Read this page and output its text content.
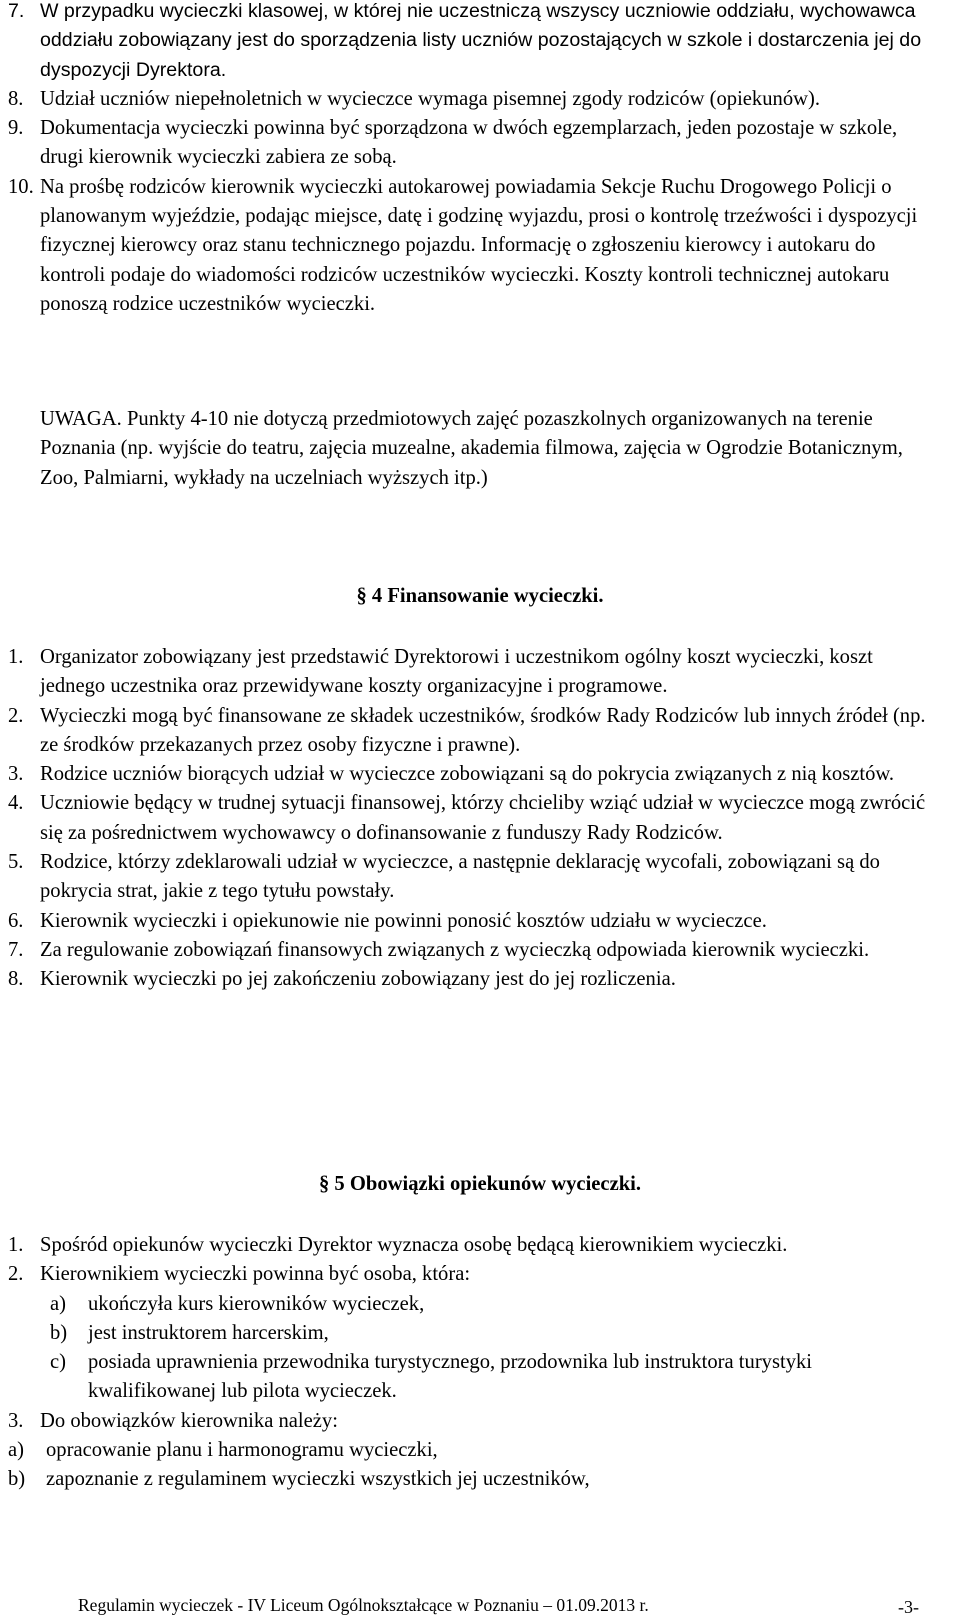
7. W przypadku wycieczki klasowej, w której nie uczestniczą wszyscy uczniowie oddziału, wychowawca oddziału zobowiązany jest do sporządzenia listy uczniów pozostających w szkole i dostarczenia jej do dyspozycji Dyrektora.
8. Udział uczniów niepełnoletnich w wycieczce wymaga pisemnej zgody rodziców (opiekunów).
9. Dokumentacja wycieczki powinna być sporządzona w dwóch egzemplarzach, jeden pozostaje w szkole, drugi kierownik wycieczki zabiera ze sobą.
10. Na prośbę rodziców kierownik wycieczki autokarowej powiadamia Sekcje Ruchu Drogowego Policji o planowanym wyjeździe, podając miejsce, datę i godzinę wyjazdu, prosi o kontrolę trzeźwości i dyspozycji fizycznej kierowcy oraz stanu technicznego pojazdu. Informację o zgłoszeniu kierowcy i autokaru do kontroli podaje do wiadomości rodziców uczestników wycieczki. Koszty kontroli technicznej autokaru ponoszą rodzice uczestników wycieczki.
UWAGA. Punkty 4-10 nie dotyczą przedmiotowych zajęć pozaszkolnych organizowanych na terenie Poznania (np. wyjście do teatru, zajęcia muzealne, akademia filmowa, zajęcia w Ogrodzie Botanicznym, Zoo, Palmiarni, wykłady na uczelniach wyższych itp.)
§ 4 Finansowanie wycieczki.
1. Organizator zobowiązany jest przedstawić Dyrektorowi i uczestnikom ogólny koszt wycieczki, koszt jednego uczestnika oraz przewidywane koszty organizacyjne i programowe.
2. Wycieczki mogą być finansowane ze składek uczestników, środków Rady Rodziców lub innych źródeł (np. ze środków przekazanych przez osoby fizyczne i prawne).
3. Rodzice uczniów biorących udział w wycieczce zobowiązani są do pokrycia związanych z nią kosztów.
4. Uczniowie będący w trudnej sytuacji finansowej, którzy chcieliby wziąć udział w wycieczce mogą zwrócić się za pośrednictwem wychowawcy o dofinansowanie z funduszy Rady Rodziców.
5. Rodzice, którzy zdeklarowali udział w wycieczce, a następnie deklarację wycofali, zobowiązani są do pokrycia strat, jakie z tego tytułu powstały.
6. Kierownik wycieczki i opiekunowie nie powinni ponosić kosztów udziału w wycieczce.
7. Za regulowanie zobowiązań finansowych związanych z wycieczką odpowiada kierownik wycieczki.
8. Kierownik wycieczki po jej zakończeniu zobowiązany jest do jej rozliczenia.
§ 5 Obowiązki opiekunów wycieczki.
1. Spośród opiekunów wycieczki Dyrektor wyznacza osobę będącą kierownikiem wycieczki.
2. Kierownikiem wycieczki powinna być osoba, która:
a) ukończyła kurs kierowników wycieczek,
b) jest instruktorem harcerskim,
c) posiada uprawnienia przewodnika turystycznego, przodownika lub instruktora turystyki kwalifikowanej lub pilota wycieczek.
3. Do obowiązków kierownika należy:
a) opracowanie planu i harmonogramu wycieczki,
b) zapoznanie z regulaminem wycieczki wszystkich jej uczestników,
Regulamin wycieczek - IV Liceum Ogólnokształcące w Poznaniu – 01.09.2013 r.	-3-
